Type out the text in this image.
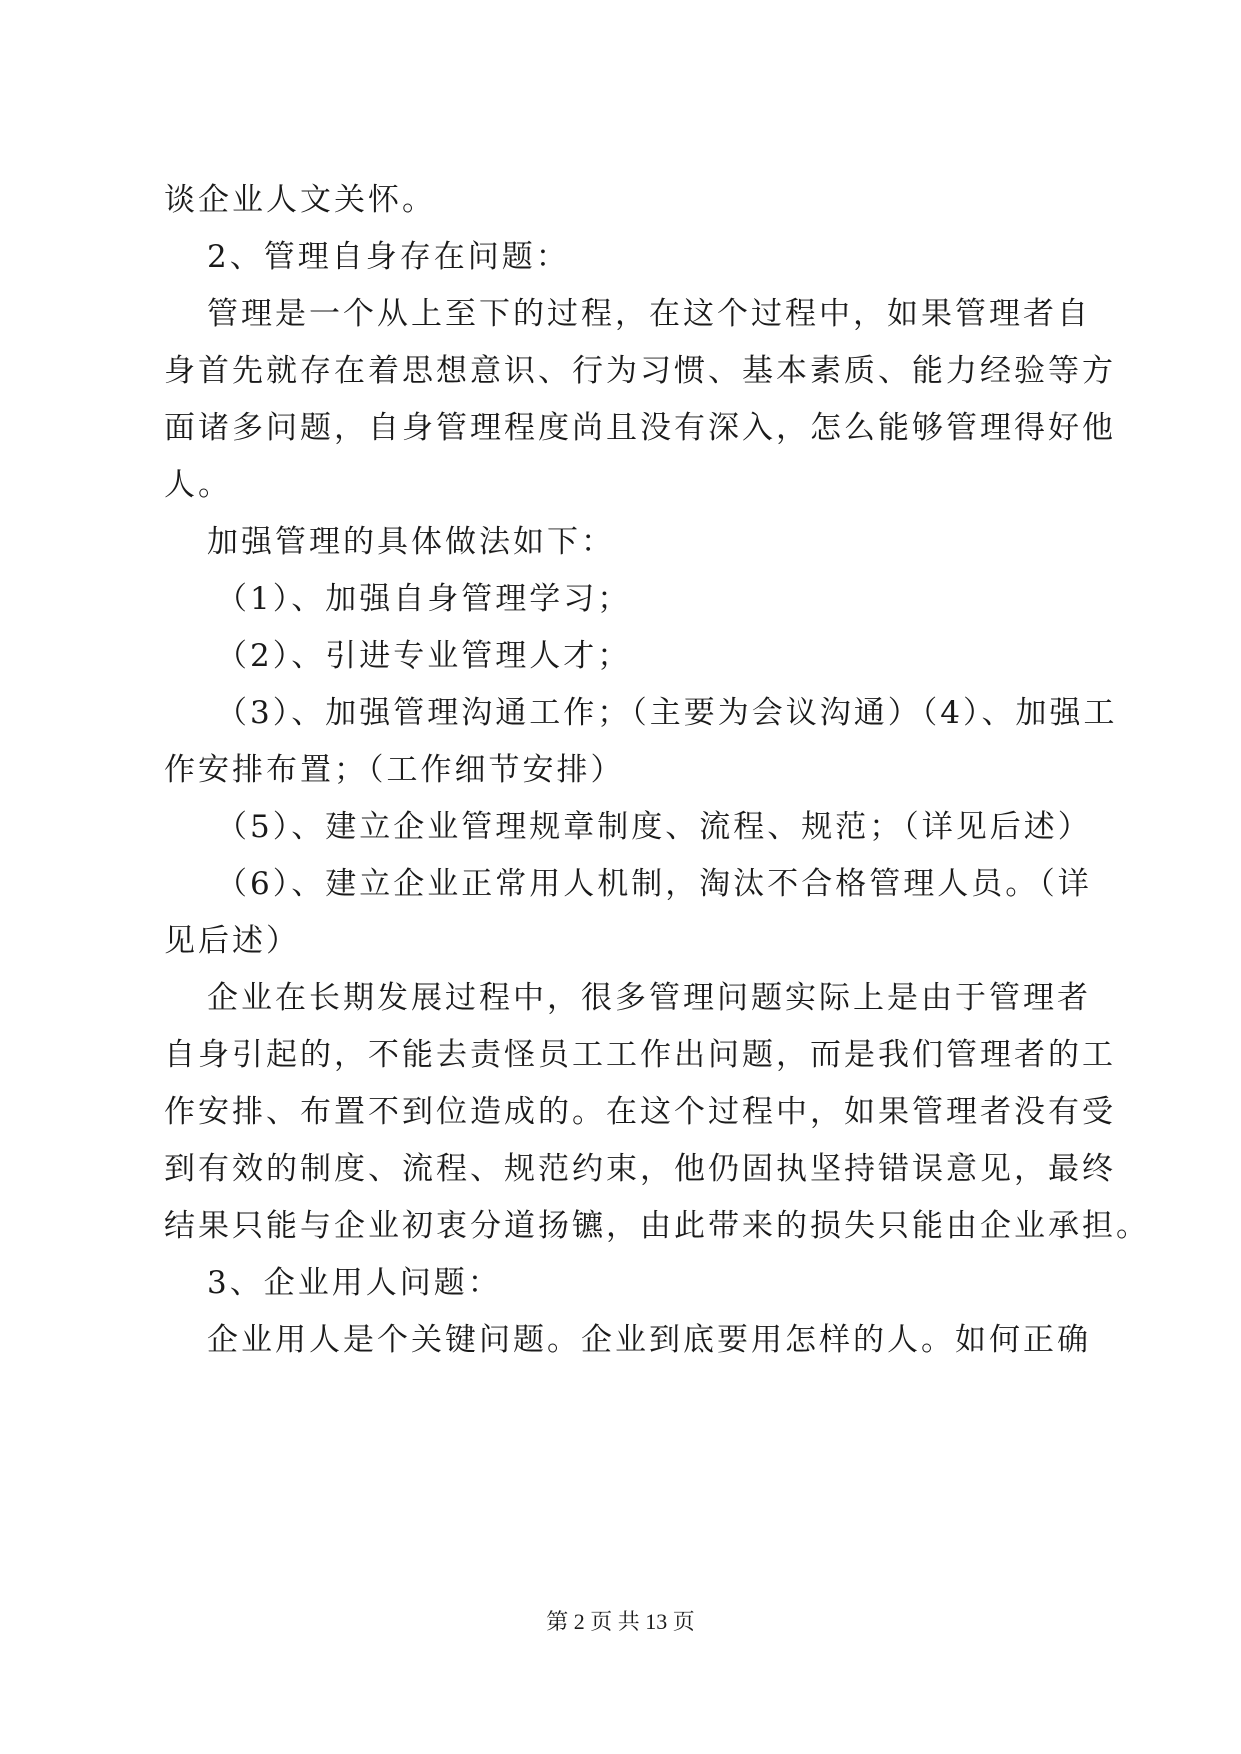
谈企业人文关怀。
2、管理自身存在问题：
管理是一个从上至下的过程，在这个过程中，如果管理者自
身首先就存在着思想意识、行为习惯、基本素质、能力经验等方
面诸多问题，自身管理程度尚且没有深入，怎么能够管理得好他
人。
加强管理的具体做法如下：
（1）、加强自身管理学习；
（2）、引进专业管理人才；
（3）、加强管理沟通工作；（主要为会议沟通）（4）、加强工
作安排布置；（工作细节安排）
（5）、建立企业管理规章制度、流程、规范；（详见后述）
（6）、建立企业正常用人机制，淘汰不合格管理人员。（详
见后述）
企业在长期发展过程中，很多管理问题实际上是由于管理者
自身引起的，不能去责怪员工工作出问题，而是我们管理者的工
作安排、布置不到位造成的。在这个过程中，如果管理者没有受
到有效的制度、流程、规范约束，他仍固执坚持错误意见，最终
结果只能与企业初衷分道扬镳，由此带来的损失只能由企业承担。
3、企业用人问题：
企业用人是个关键问题。企业到底要用怎样的人。如何正确
第 2 页 共 13 页
